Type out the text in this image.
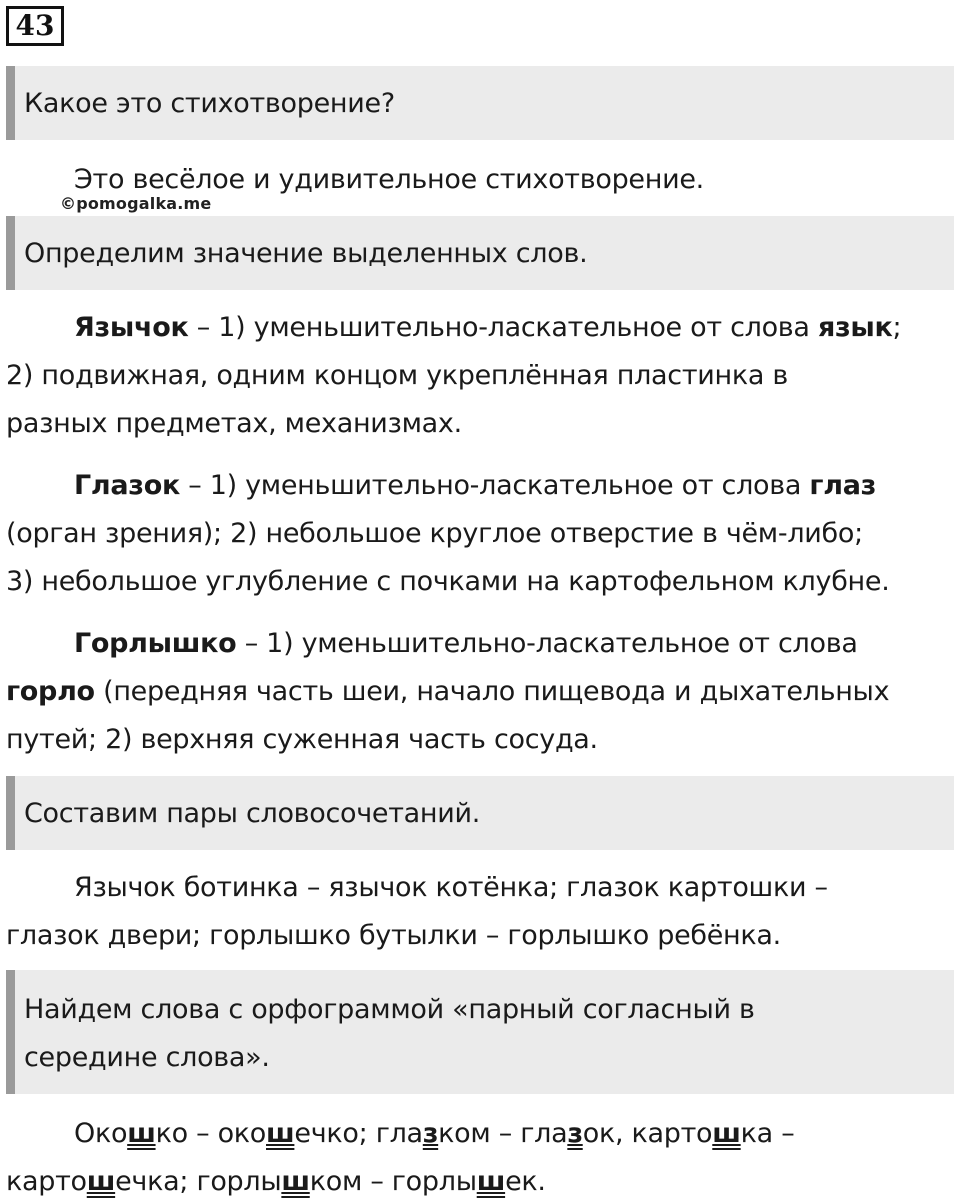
43
Какое это стихотворение?
Это весёлое и удивительное стихотворение.
©pomogalka.me
Определим значение выделенных слов.
Язычок – 1) уменьшительно-ласкательное от слова язык;
2) подвижная, одним концом укреплённая пластинка в
разных предметах, механизмах.
Глазок – 1) уменьшительно-ласкательное от слова глаз
(орган зрения); 2) небольшое круглое отверстие в чём-либо;
3) небольшое углубление с почками на картофельном клубне.
Горлышко – 1) уменьшительно-ласкательное от слова
горло (передняя часть шеи, начало пищевода и дыхательных
путей; 2) верхняя суженная часть сосуда.
Составим пары словосочетаний.
Язычок ботинка – язычок котёнка; глазок картошки –
глазок двери; горлышко бутылки – горлышко ребёнка.
Найдем слова с орфограммой «парный согласный в
середине слова».
Окошко – окошечко; глазком – глазок, картошка –
картошечка; горлышком – горлышек.
